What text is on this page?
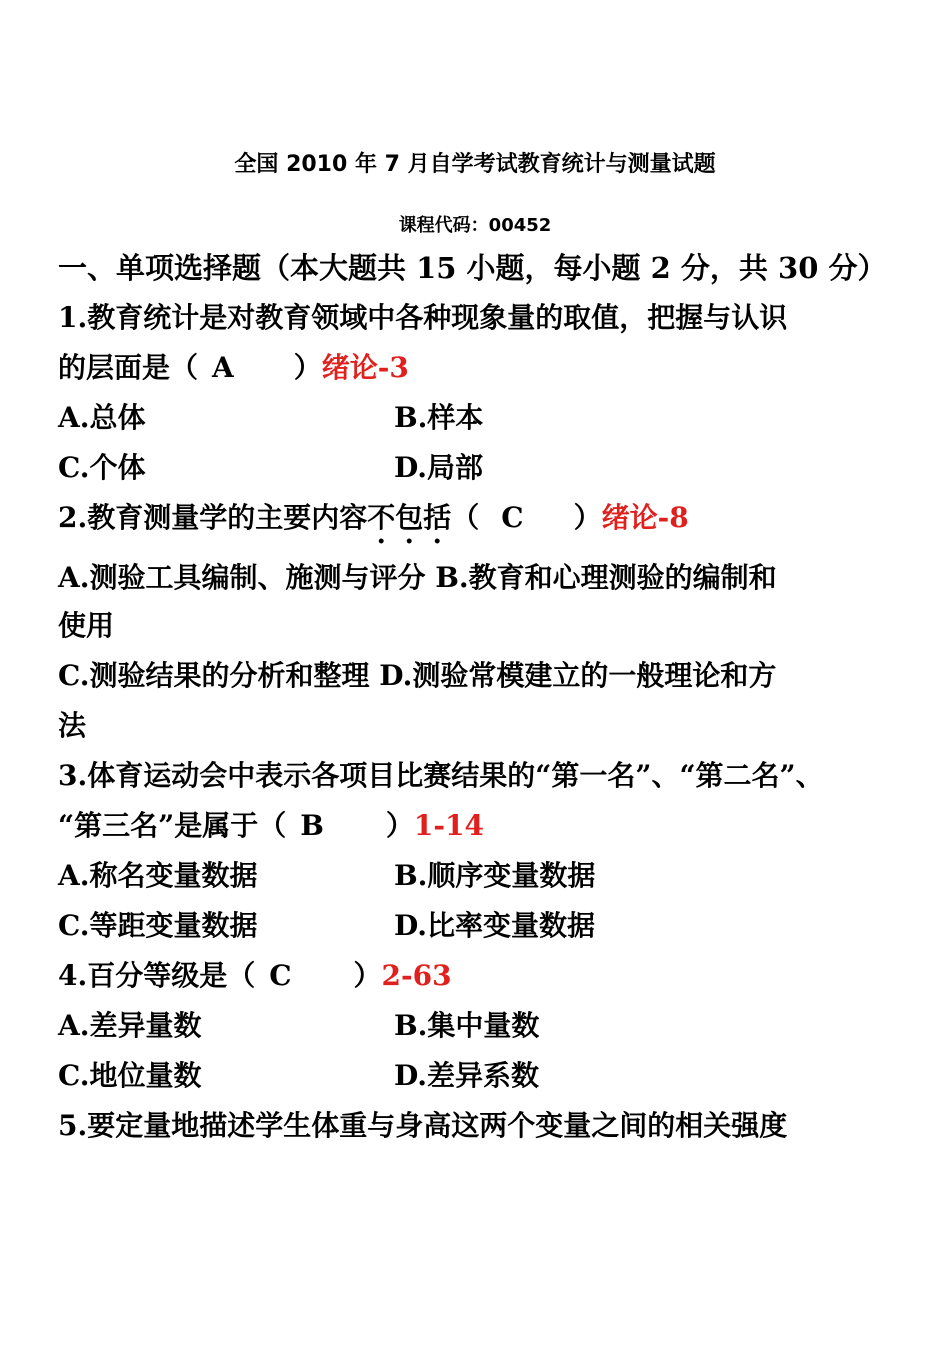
全国 2010 年 7 月自学考试教育统计与测量试题
课程代码：00452
一、单项选择题（本大题共 15 小题，每小题 2 分，共 30 分）
1.教育统计是对教育领域中各种现象量的取值，把握与认识
的层面是（ A ）绪论-3
A.总体	B.样本
C.个体	D.局部
2.教育测量学的主要内容不包括（ C ）绪论-8
A.测验工具编制、施测与评分 B.教育和心理测验的编制和
使用
C.测验结果的分析和整理 D.测验常模建立的一般理论和方
法
3.体育运动会中表示各项目比赛结果的“第一名”、“第二名”、
“第三名”是属于（ B ）1-14
A.称名变量数据	B.顺序变量数据
C.等距变量数据	D.比率变量数据
4.百分等级是（ C ）2-63
A.差异量数	B.集中量数
C.地位量数	D.差异系数
5.要定量地描述学生体重与身高这两个变量之间的相关强度
